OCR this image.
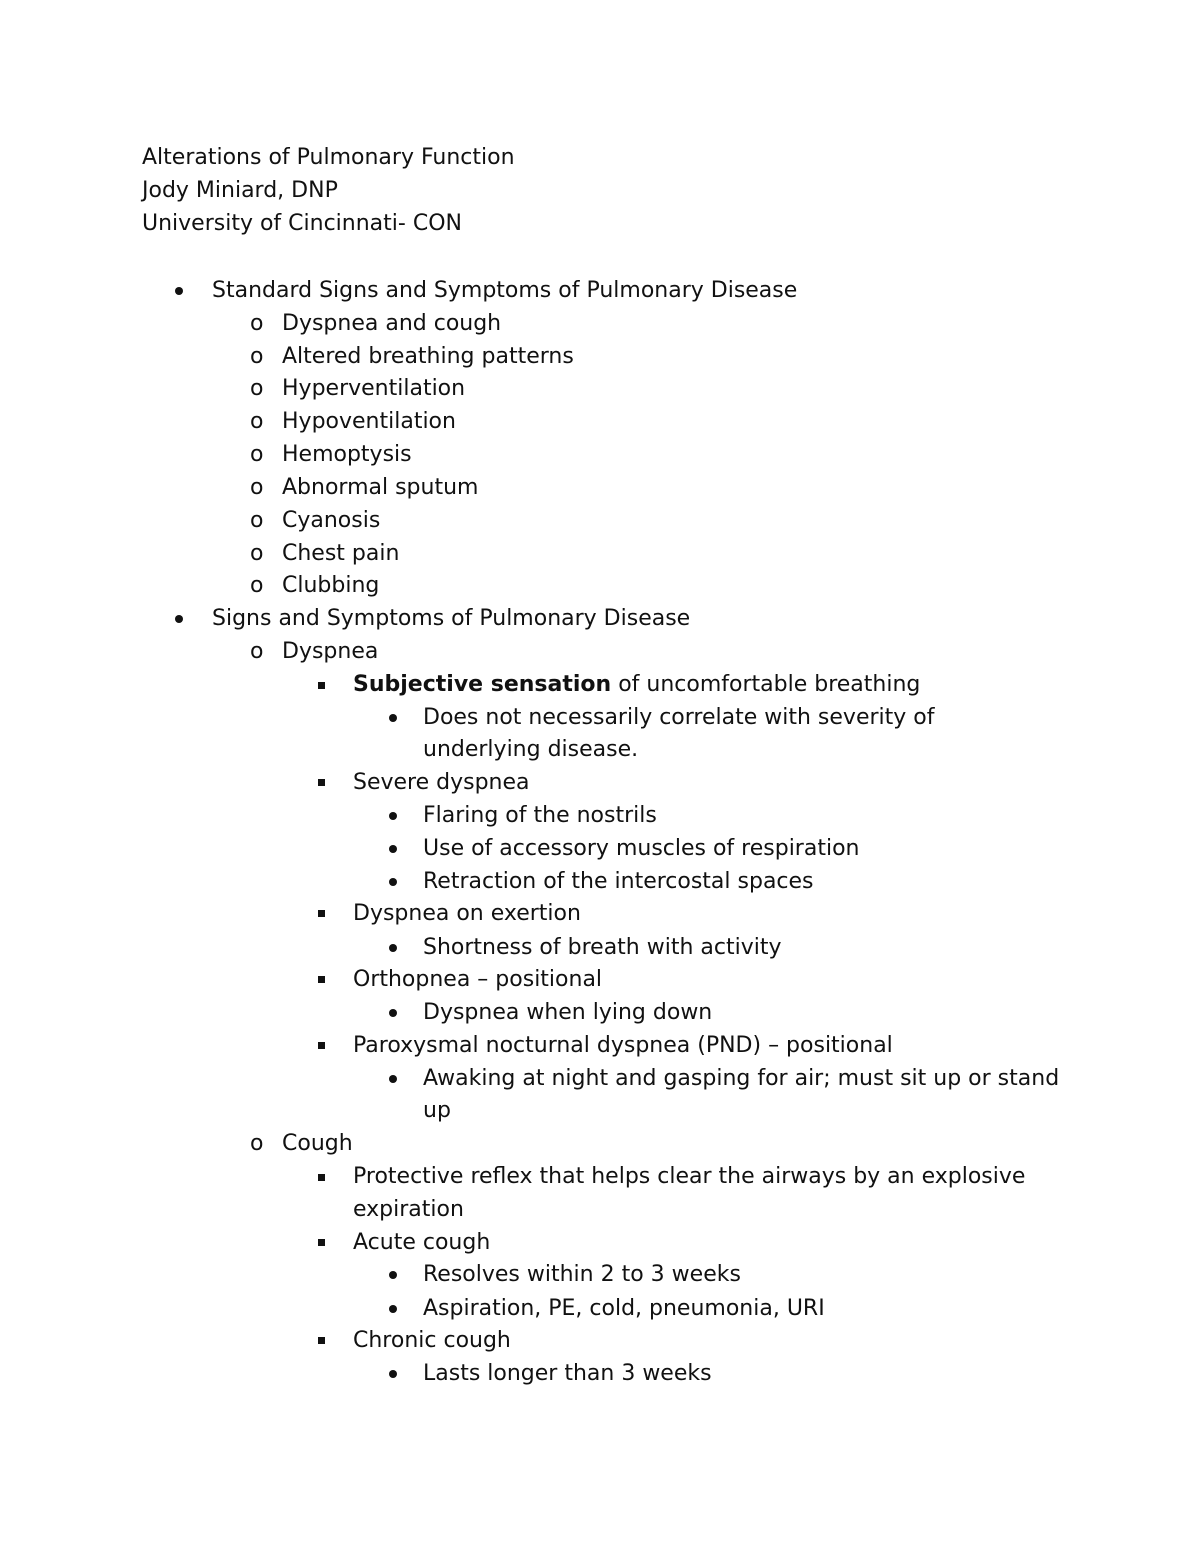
Alterations of Pulmonary Function
Jody Miniard, DNP
University of Cincinnati- CON
Standard Signs and Symptoms of Pulmonary Disease
o Dyspnea and cough
o Altered breathing patterns
o Hyperventilation
o Hypoventilation
o Hemoptysis
o Abnormal sputum
o Cyanosis
o Chest pain
o Clubbing
Signs and Symptoms of Pulmonary Disease
o Dyspnea
Subjective sensation of uncomfortable breathing
Does not necessarily correlate with severity of
underlying disease.
Severe dyspnea
Flaring of the nostrils
Use of accessory muscles of respiration
Retraction of the intercostal spaces
Dyspnea on exertion
Shortness of breath with activity
Orthopnea – positional
Dyspnea when lying down
Paroxysmal nocturnal dyspnea (PND) – positional
Awaking at night and gasping for air; must sit up or stand
up
o Cough
Protective reflex that helps clear the airways by an explosive
expiration
Acute cough
Resolves within 2 to 3 weeks
Aspiration, PE, cold, pneumonia, URI
Chronic cough
Lasts longer than 3 weeks
